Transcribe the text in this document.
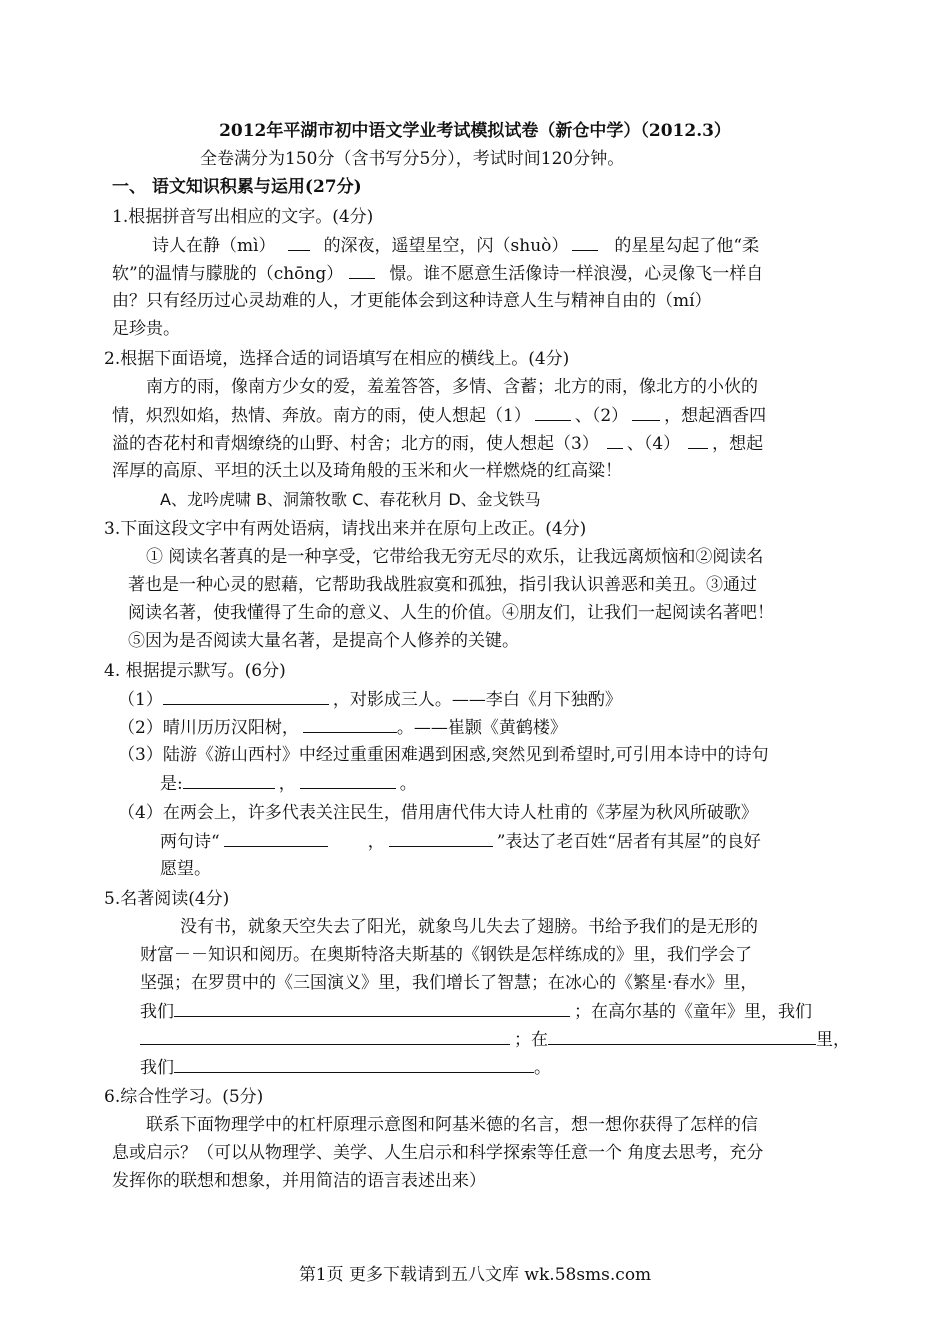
2012年平湖市初中语文学业考试模拟试卷（新仓中学）（2012.3）
全卷满分为150分（含书写分5分），考试时间120分钟。
一、 语文知识积累与运用(27分)
1.根据拼音写出相应的文字。(4分)
诗人在静（mì）	的深夜，遥望星空，闪（shuò）	的星星勾起了他“柔
软”的温情与朦胧的（chōng）	憬。谁不愿意生活像诗一样浪漫，心灵像飞一样自
由？只有经历过心灵劫难的人，才更能体会到这种诗意人生与精神自由的（mí）
足珍贵。
2.根据下面语境，选择合适的词语填写在相应的横线上。(4分)
南方的雨，像南方少女的爱，羞羞答答，多情、含蓄；北方的雨，像北方的小伙的
情，炽烈如焰，热情、奔放。南方的雨，使人想起（1）	、（2） ，想起酒香四
溢的杏花村和青烟缭绕的山野、村舍；北方的雨，使人想起（3） 、（4） ，想起
浑厚的高原、平坦的沃土以及琦角般的玉米和火一样燃烧的红高粱！
A、龙吟虎啸 B、洞箫牧歌 C、春花秋月 D、金戈铁马
3.下面这段文字中有两处语病，请找出来并在原句上改正。(4分)
① 阅读名著真的是一种享受，它带给我无穷无尽的欢乐，让我远离烦恼和②阅读名
著也是一种心灵的慰藉，它帮助我战胜寂寞和孤独，指引我认识善恶和美丑。③通过
阅读名著，使我懂得了生命的意义、人生的价值。④朋友们，让我们一起阅读名著吧！
⑤因为是否阅读大量名著，是提高个人修养的关键。
4. 根据提示默写。(6分)
（1）	，对影成三人。——李白《月下独酌》
（2）晴川历历汉阳树，	。——崔颢《黄鹤楼》
（3）陆游《游山西村》中经过重重困难遇到困惑,突然见到希望时,可引用本诗中的诗句
是:	，	。
（4）在两会上，许多代表关注民生，借用唐代伟大诗人杜甫的《茅屋为秋风所破歌》
两句诗“	，	”表达了老百姓“居者有其屋”的良好
愿望。
5.名著阅读(4分)
没有书，就象天空失去了阳光，就象鸟儿失去了翅膀。书给予我们的是无形的
财富－－知识和阅历。在奥斯特洛夫斯基的《钢铁是怎样练成的》里，我们学会了
坚强；在罗贯中的《三国演义》里，我们增长了智慧；在冰心的《繁星·春水》里，
我们	；在高尔基的《童年》里，我们
；在	里，
我们	。
6.综合性学习。(5分)
联系下面物理学中的杠杆原理示意图和阿基米德的名言，想一想你获得了怎样的信
息或启示？（可以从物理学、美学、人生启示和科学探索等任意一个 角度去思考，充分
发挥你的联想和想象，并用简洁的语言表述出来）
第1页 更多下载请到五八文库 wk.58sms.com
